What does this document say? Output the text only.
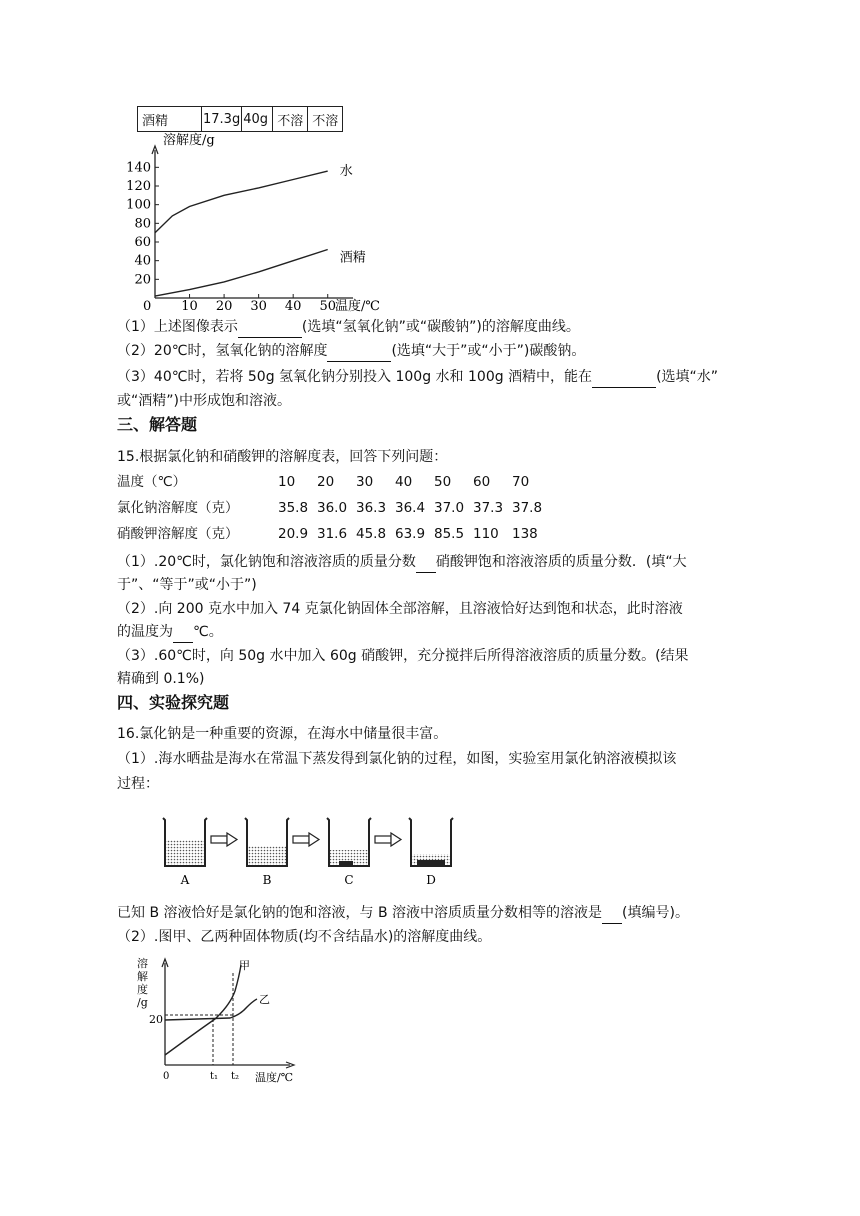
酒精	17.3g	40g	不溶	不溶
溶解度/g
温度/℃
20
40
60
80
100
120
140
0 10 20 30 40 50
水
酒精
（1）上述图像表示	(选填“氢氧化钠”或“碳酸钠”)的溶解度曲线。
（2）20℃时，氢氧化钠的溶解度	(选填“大于”或“小于”)碳酸钠。
（3）40℃时，若将 50g 氢氧化钠分别投入 100g 水和 100g 酒精中，能在	(选填“水”
或“酒精”)中形成饱和溶液。
三、解答题
15.根据氯化钠和硝酸钾的溶解度表，回答下列问题：
温度（℃）	10 20 30 40 50 60 70
氯化钠溶解度（克）	35.8 36.0 36.3 36.4 37.0 37.3 37.8
硝酸钾溶解度（克）	20.9 31.6 45.8 63.9 85.5 110 138
（1）.20℃时，氯化钠饱和溶液溶质的质量分数 硝酸钾饱和溶液溶质的质量分数．(填“大
于”、“等于”或“小于”)
（2）.向 200 克水中加入 74 克氯化钠固体全部溶解，且溶液恰好达到饱和状态，此时溶液
的温度为 ℃。
（3）.60℃时，向 50g 水中加入 60g 硝酸钾，充分搅拌后所得溶液溶质的质量分数。(结果
精确到 0.1%)
四、实验探究题
16.氯化钠是一种重要的资源，在海水中储量很丰富。
（1）.海水晒盐是海水在常温下蒸发得到氯化钠的过程，如图，实验室用氯化钠溶液模拟该
过程：
A	B	C	D
已知 B 溶液恰好是氯化钠的饱和溶液，与 B 溶液中溶质质量分数相等的溶液是 (填编号)。
（2）.图甲、乙两种固体物质(均不含结晶水)的溶解度曲线。
溶
解
度
/g
20
0	t₁ t₂ 温度/℃
甲
乙
